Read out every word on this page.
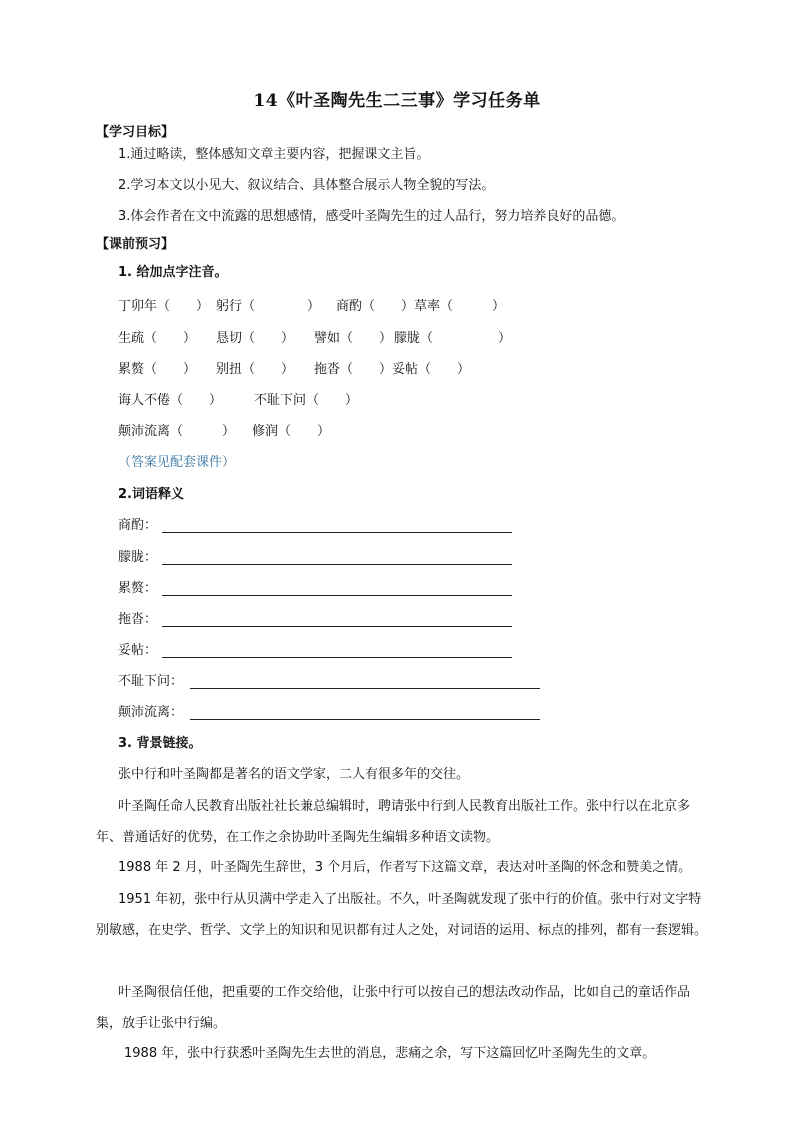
14《叶圣陶先生二三事》学习任务单
【学习目标】
1.通过略读，整体感知文章主要内容，把握课文主旨。
2.学习本文以小见大、叙议结合、具体整合展示人物全貌的写法。
3.体会作者在文中流露的思想感情，感受叶圣陶先生的过人品行，努力培养良好的品德。
【课前预习】
1. 给加点字注音。
丁卯年（　　） 躬行（　　　　） 商酌（　　）草率（　　　）
生疏（　　） 恳切（　　） 譬如（　　） 朦胧（　　　　　）
累赘（　　） 别扭（　　） 拖沓（　　）妥帖（　　）
诲人不倦（　　） 不耻下问（　　）
颠沛流离（　　　） 修润（　　）
（答案见配套课件）
2.词语释义
商酌：
朦胧：
累赘：
拖沓：
妥帖：
不耻下问：
颠沛流离：
3. 背景链接。
张中行和叶圣陶都是著名的语文学家，二人有很多年的交往。
叶圣陶任命人民教育出版社社长兼总编辑时，聘请张中行到人民教育出版社工作。张中行以在北京多年、普通话好的优势，在工作之余协助叶圣陶先生编辑多种语文读物。
1988 年 2 月，叶圣陶先生辞世，3 个月后，作者写下这篇文章，表达对叶圣陶的怀念和赞美之情。
1951 年初，张中行从贝满中学走入了出版社。不久，叶圣陶就发现了张中行的价值。张中行对文字特别敏感，在史学、哲学、文学上的知识和见识都有过人之处，对词语的运用、标点的排列，都有一套逻辑。
叶圣陶很信任他，把重要的工作交给他，让张中行可以按自己的想法改动作品，比如自己的童话作品集，放手让张中行编。
1988 年，张中行获悉叶圣陶先生去世的消息，悲痛之余，写下这篇回忆叶圣陶先生的文章。
